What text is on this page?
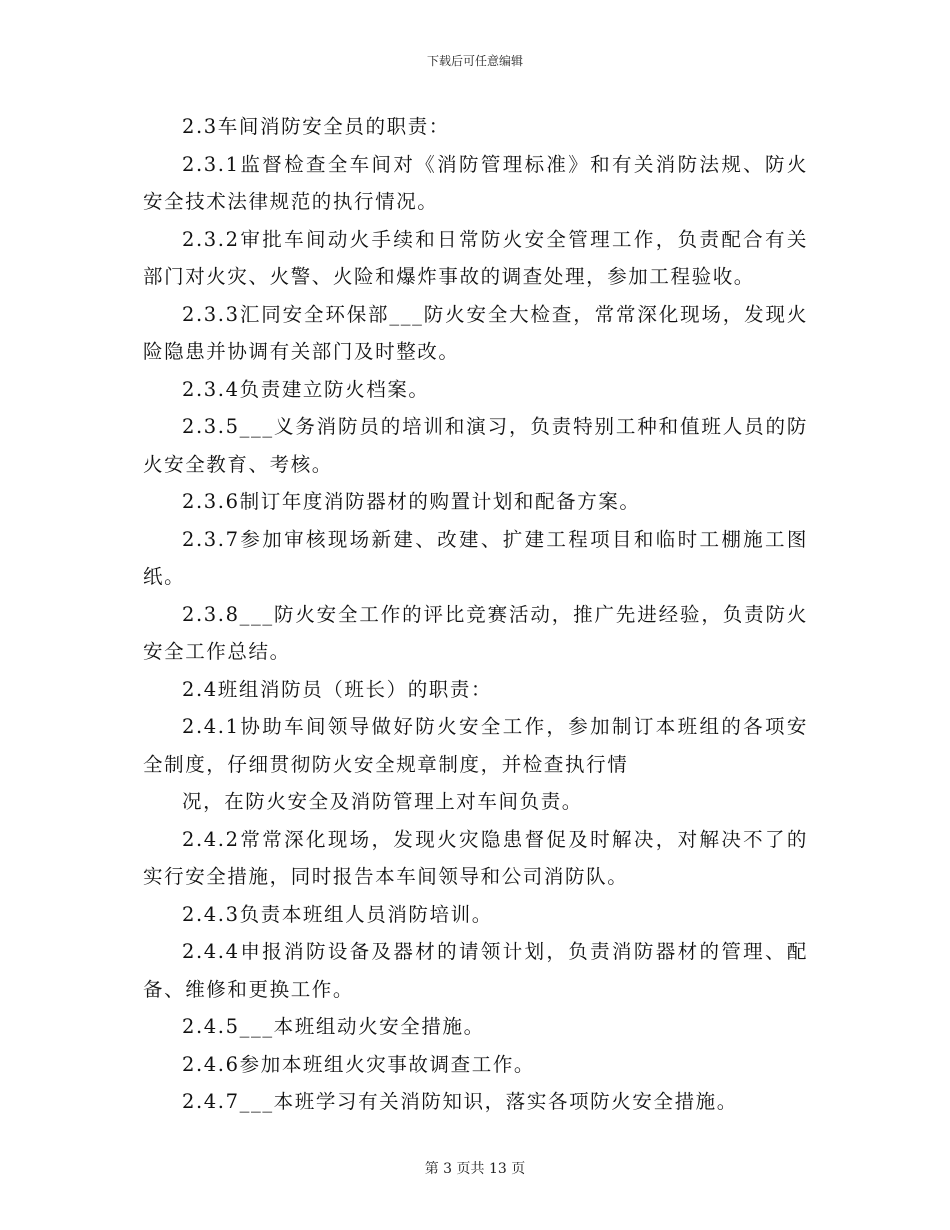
下载后可任意编辑

2.3车间消防安全员的职责：

2.3.1监督检查全车间对《消防管理标准》和有关消防法规、防火安全技术法律规范的执行情况。

2.3.2审批车间动火手续和日常防火安全管理工作，负责配合有关部门对火灾、火警、火险和爆炸事故的调查处理，参加工程验收。

2.3.3汇同安全环保部___防火安全大检查，常常深化现场，发现火险隐患并协调有关部门及时整改。

2.3.4负责建立防火档案。

2.3.5___义务消防员的培训和演习，负责特别工种和值班人员的防火安全教育、考核。

2.3.6制订年度消防器材的购置计划和配备方案。

2.3.7参加审核现场新建、改建、扩建工程项目和临时工棚施工图纸。

2.3.8___防火安全工作的评比竞赛活动，推广先进经验，负责防火安全工作总结。

2.4班组消防员（班长）的职责：

2.4.1协助车间领导做好防火安全工作，参加制订本班组的各项安全制度，仔细贯彻防火安全规章制度，并检查执行情

况，在防火安全及消防管理上对车间负责。

2.4.2常常深化现场，发现火灾隐患督促及时解决，对解决不了的实行安全措施，同时报告本车间领导和公司消防队。

2.4.3负责本班组人员消防培训。

2.4.4申报消防设备及器材的请领计划，负责消防器材的管理、配备、维修和更换工作。

2.4.5___本班组动火安全措施。

2.4.6参加本班组火灾事故调查工作。

2.4.7___本班学习有关消防知识，落实各项防火安全措施。

第 3 页共 13 页
